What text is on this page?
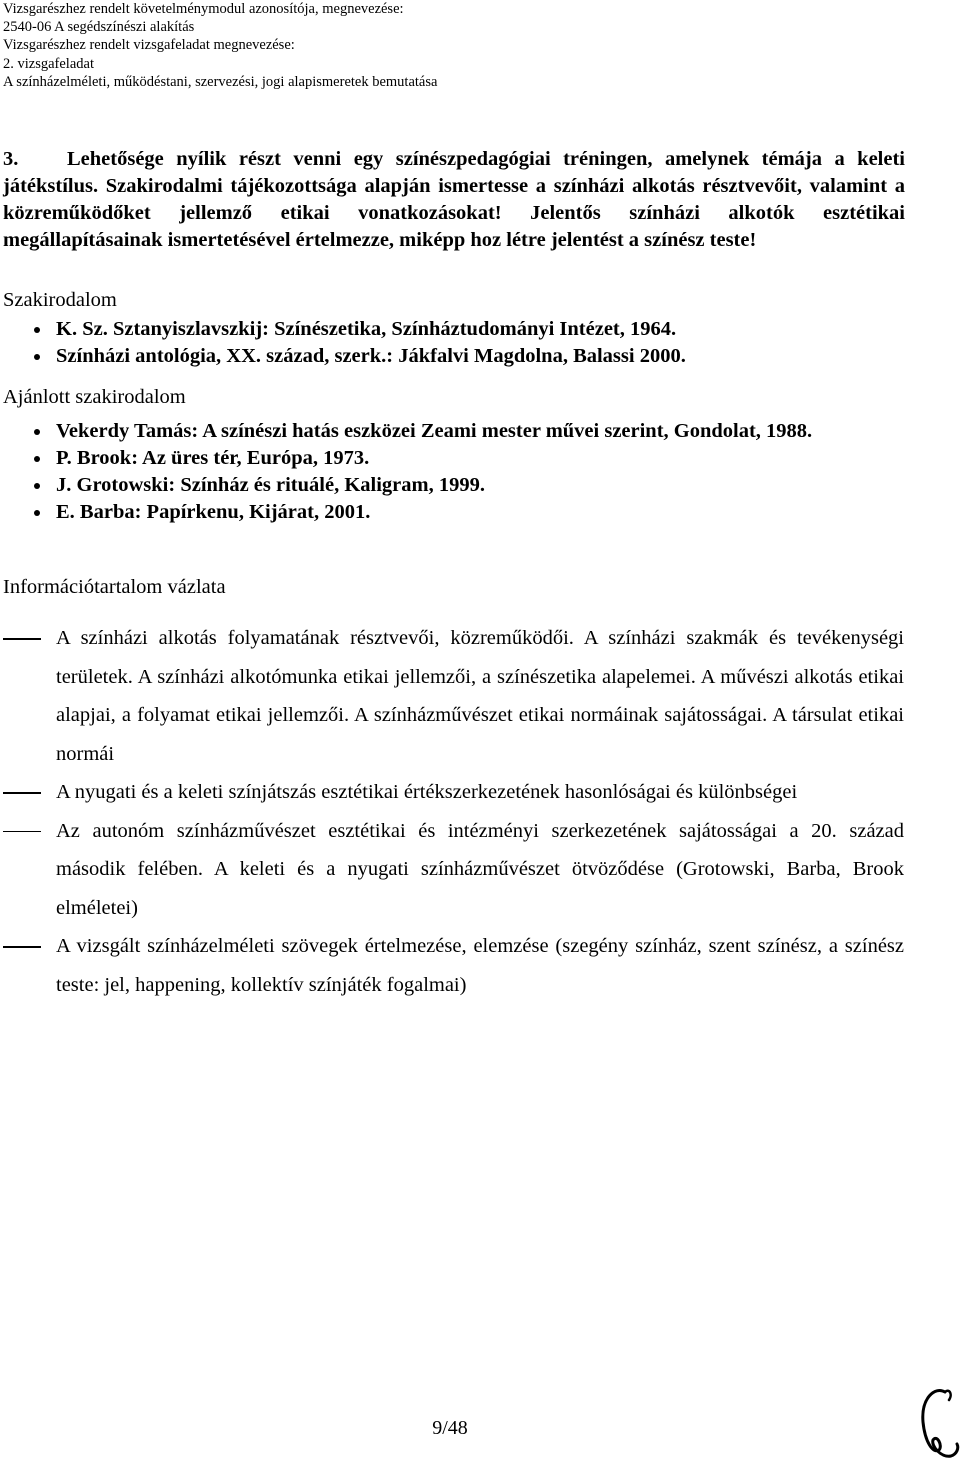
Vizsgarészhez rendelt követelménymodul azonosítója, megnevezése:
2540-06 A segédszínészi alakítás
Vizsgarészhez rendelt vizsgafeladat megnevezése:
2. vizsgafeladat
A színházelméleti, működéstani, szervezési, jogi alapismeretek bemutatása
3. Lehetősége nyílik részt venni egy színészpedagógiai tréningen, amelynek témája a keleti játékstílus. Szakirodalmi tájékozottsága alapján ismertesse a színházi alkotás résztvevőit, valamint a közreműködőket jellemző etikai vonatkozásokat! Jelentős színházi alkotók esztétikai megállapításainak ismertetésével értelmezze, miképp hoz létre jelentést a színész teste!
Szakirodalom
K. Sz. Sztanyiszlavszkij: Színészetika, Színháztudományi Intézet, 1964.
Színházi antológia, XX. század, szerk.: Jákfalvi Magdolna, Balassi 2000.
Ajánlott szakirodalom
Vekerdy Tamás: A színészi hatás eszközei Zeami mester művei szerint, Gondolat, 1988.
P. Brook: Az üres tér, Európa, 1973.
J. Grotowski: Színház és rituálé, Kaligram, 1999.
E. Barba: Papírkenu, Kijárat, 2001.
Információtartalom vázlata
A színházi alkotás folyamatának résztvevői, közreműködői. A színházi szakmák és tevékenységi területek. A színházi alkotómunka etikai jellemzői, a színészetika alapelemei. A művészi alkotás etikai alapjai, a folyamat etikai jellemzői. A színházművészet etikai normáinak sajátosságai. A társulat etikai normái
A nyugati és a keleti színjátszás esztétikai értékszerkezetének hasonlóságai és különbségei
Az autonóm színházművészet esztétikai és intézményi szerkezetének sajátosságai a 20. század második felében. A keleti és a nyugati színházművészet ötvöződése (Grotowski, Barba, Brook elméletei)
A vizsgált színházelméleti szövegek értelmezése, elemzése (szegény színház, szent színész, a színész teste: jel, happening, kollektív színjáték fogalmai)
9/48
